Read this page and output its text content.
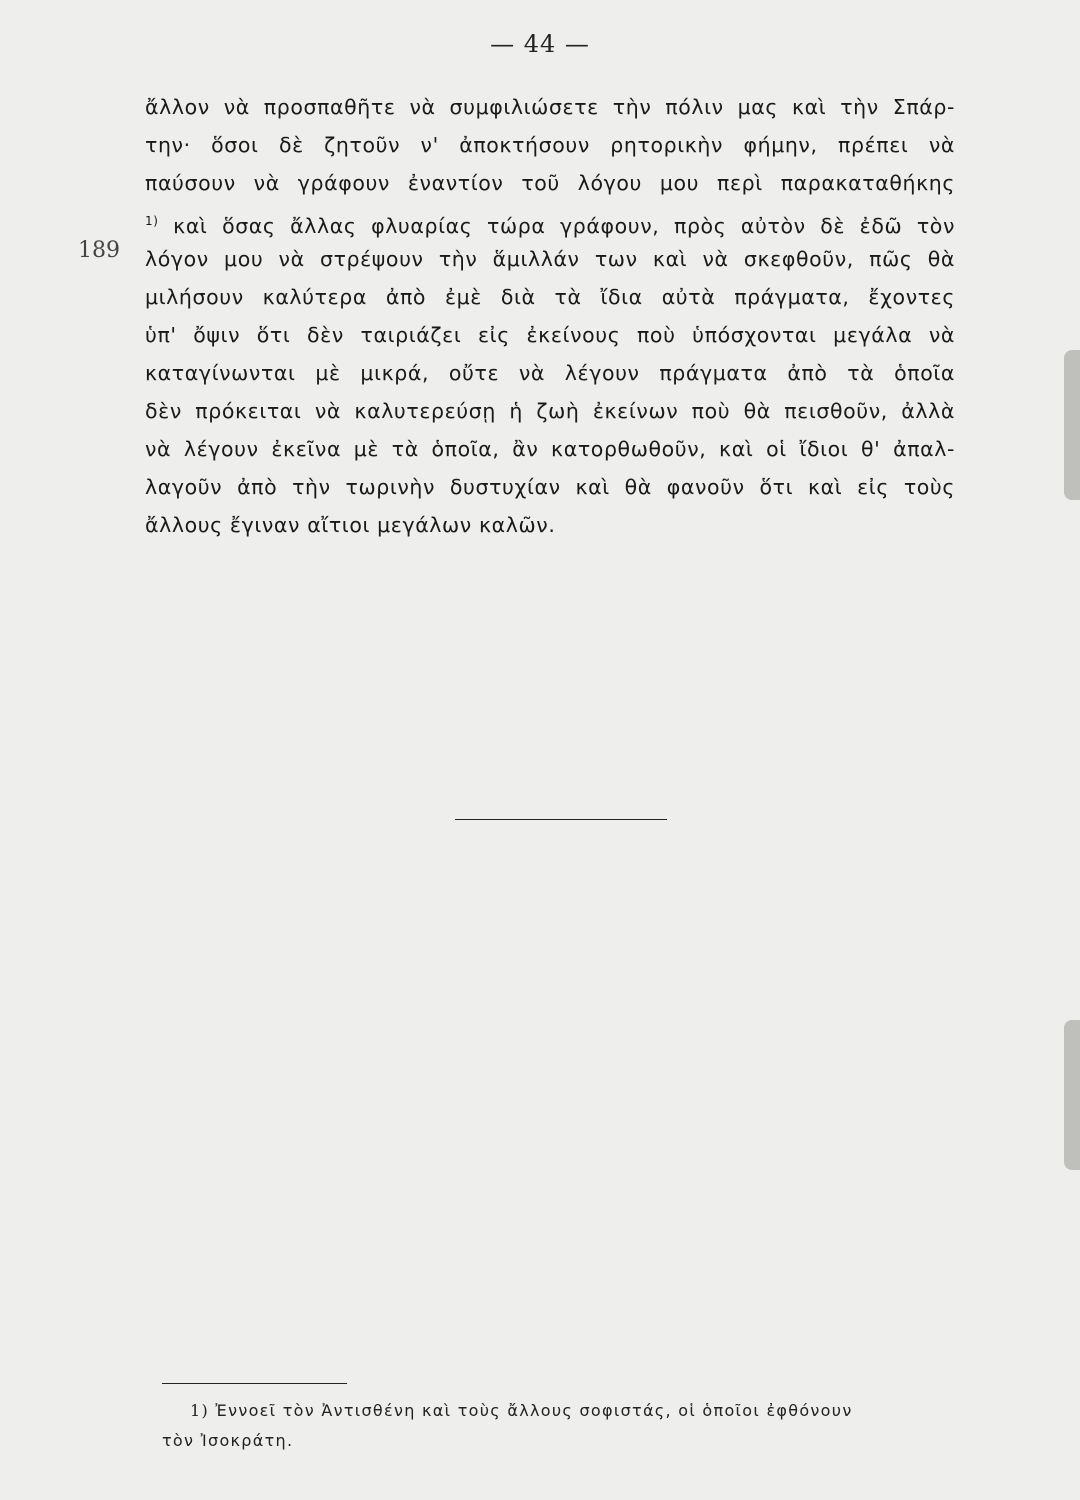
— 44 —
189
ἄλλον νὰ προσπαθῆτε νὰ συμφιλιώσετε τὴν πόλιν μας καὶ τὴν Σπάρ-
την· ὅσοι δὲ ζητοῦν ν' ἀποκτήσουν ρητορικὴν φήμην, πρέπει νὰ
παύσουν νὰ γράφουν ἐναντίον τοῦ λόγου μου περὶ παρακαταθήκης
$^{1)}$ καὶ ὅσας ἄλλας φλυαρίας τώρα γράφουν, πρὸς αὐτὸν δὲ ἐδῶ τὸν
λόγον μου νὰ στρέψουν τὴν ἅμιλλάν των καὶ νὰ σκεφθοῦν, πῶς θὰ
μιλήσουν καλύτερα ἀπὸ ἐμὲ διὰ τὰ ἴδια αὐτὰ πράγματα, ἔχοντες
ὑπ' ὄψιν ὅτι δὲν ταιριάζει εἰς ἐκείνους ποὺ ὑπόσχονται μεγάλα νὰ
καταγίνωνται μὲ μικρά, οὔτε νὰ λέγουν πράγματα ἀπὸ τὰ ὁποῖα
δὲν πρόκειται νὰ καλυτερεύσῃ ἡ ζωὴ ἐκείνων ποὺ θὰ πεισθοῦν, ἀλλὰ
νὰ λέγουν ἐκεῖνα μὲ τὰ ὁποῖα, ἂν κατορθωθοῦν, καὶ οἱ ἴδιοι θ' ἀπαλ-
λαγοῦν ἀπὸ τὴν τωρινὴν δυστυχίαν καὶ θὰ φανοῦν ὅτι καὶ εἰς τοὺς
ἄλλους ἔγιναν αἴτιοι μεγάλων καλῶν.
1) Ἐννοεῖ τὸν Ἀντισθένη καὶ τοὺς ἄλλους σοφιστάς, οἱ ὁποῖοι ἐφθόνουν
τὸν Ἰσοκράτη.
